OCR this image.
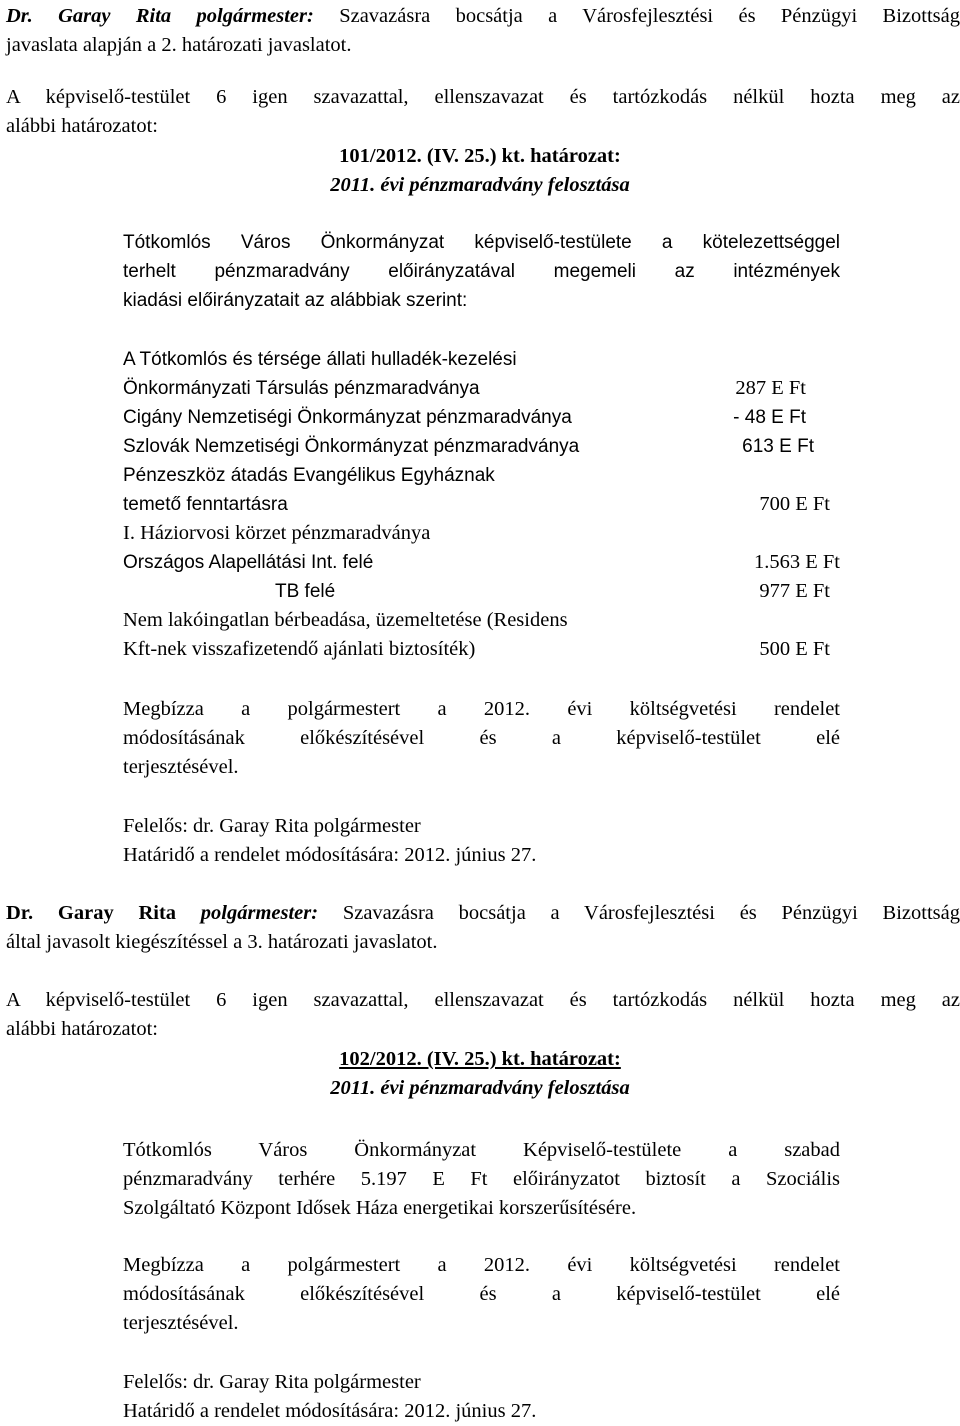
Dr. Garay Rita polgármester: Szavazásra bocsátja a Városfejlesztési és Pénzügyi Bizottság
javaslata alapján a 2. határozati javaslatot.
A képviselő-testület 6 igen szavazattal, ellenszavazat és tartózkodás nélkül hozta meg az
alábbi határozatot:
101/2012. (IV. 25.) kt. határozat:
2011. évi pénzmaradvány felosztása
Tótkomlós Város Önkormányzat képviselő-testülete a kötelezettséggel
terhelt pénzmaradvány előirányzatával megemeli az intézmények
kiadási előirányzatait az alábbiak szerint:
A Tótkomlós és térsége állati hulladék-kezelési
Önkormányzati Társulás pénzmaradványa	287 E Ft
Cigány Nemzetiségi Önkormányzat pénzmaradványa	- 48 E Ft
Szlovák Nemzetiségi Önkormányzat pénzmaradványa	613 E Ft
Pénzeszköz átadás Evangélikus Egyháznak
temető fenntartásra	700 E Ft
I. Háziorvosi körzet pénzmaradványa
Országos Alapellátási Int. felé	1.563 E Ft
TB felé	977 E Ft
Nem lakóingatlan bérbeadása, üzemeltetése (Residens
Kft-nek visszafizetendő ajánlati biztosíték)	500 E Ft
Megbízza a polgármestert a 2012. évi költségvetési rendelet
módosításának előkészítésével és a képviselő-testület elé
terjesztésével.
Felelős: dr. Garay Rita polgármester
Határidő a rendelet módosítására: 2012. június 27.
Dr. Garay Rita polgármester: Szavazásra bocsátja a Városfejlesztési és Pénzügyi Bizottság
által javasolt kiegészítéssel a 3. határozati javaslatot.
A képviselő-testület 6 igen szavazattal, ellenszavazat és tartózkodás nélkül hozta meg az
alábbi határozatot:
102/2012. (IV. 25.) kt. határozat:
2011. évi pénzmaradvány felosztása
Tótkomlós Város Önkormányzat Képviselő-testülete a szabad
pénzmaradvány terhére 5.197 E Ft előirányzatot biztosít a Szociális
Szolgáltató Központ Idősek Háza energetikai korszerűsítésére.
Megbízza a polgármestert a 2012. évi költségvetési rendelet
módosításának előkészítésével és a képviselő-testület elé
terjesztésével.
Felelős: dr. Garay Rita polgármester
Határidő a rendelet módosítására: 2012. június 27.
